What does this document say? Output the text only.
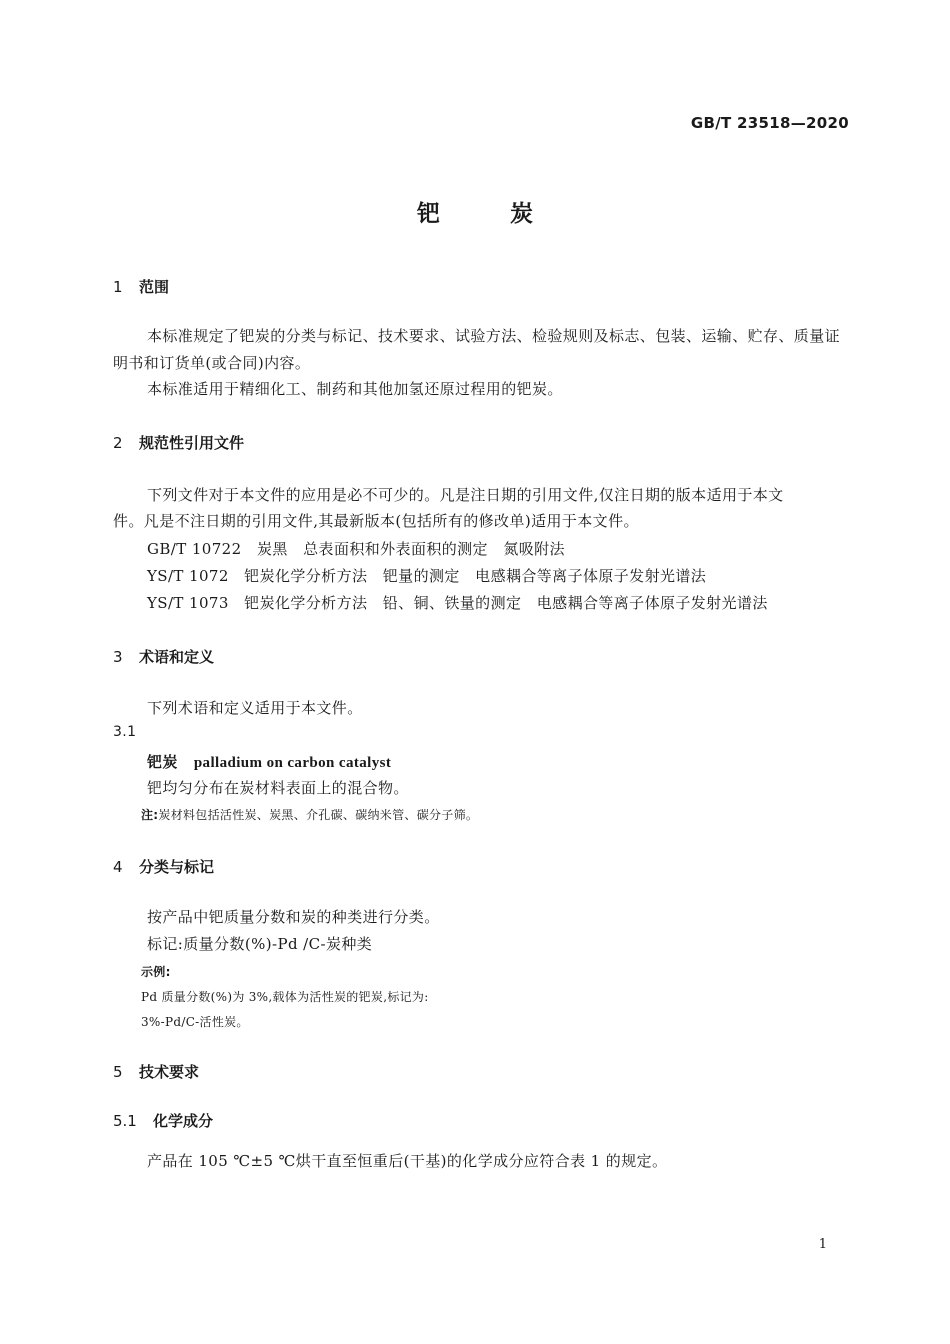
GB/T 23518—2020
钯	炭
1 范围
本标准规定了钯炭的分类与标记、技术要求、试验方法、检验规则及标志、包装、运输、贮存、质量证
明书和订货单(或合同)内容。
本标准适用于精细化工、制药和其他加氢还原过程用的钯炭。
2 规范性引用文件
下列文件对于本文件的应用是必不可少的。凡是注日期的引用文件,仅注日期的版本适用于本文
件。凡是不注日期的引用文件,其最新版本(包括所有的修改单)适用于本文件。
GB/T 10722　炭黑　总表面积和外表面积的测定　氮吸附法
YS/T 1072　钯炭化学分析方法　钯量的测定　电感耦合等离子体原子发射光谱法
YS/T 1073　钯炭化学分析方法　铅、铜、铁量的测定　电感耦合等离子体原子发射光谱法
3 术语和定义
下列术语和定义适用于本文件。
3.1
钯炭 palladium on carbon catalyst
钯均匀分布在炭材料表面上的混合物。
注:炭材料包括活性炭、炭黑、介孔碳、碳纳米管、碳分子筛。
4 分类与标记
按产品中钯质量分数和炭的种类进行分类。
标记:质量分数(%)-Pd /C-炭种类
示例:
Pd 质量分数(%)为 3%,载体为活性炭的钯炭,标记为:
3%-Pd/C-活性炭。
5 技术要求
5.1 化学成分
产品在 105 ℃±5 ℃烘干直至恒重后(干基)的化学成分应符合表 1 的规定。
1
